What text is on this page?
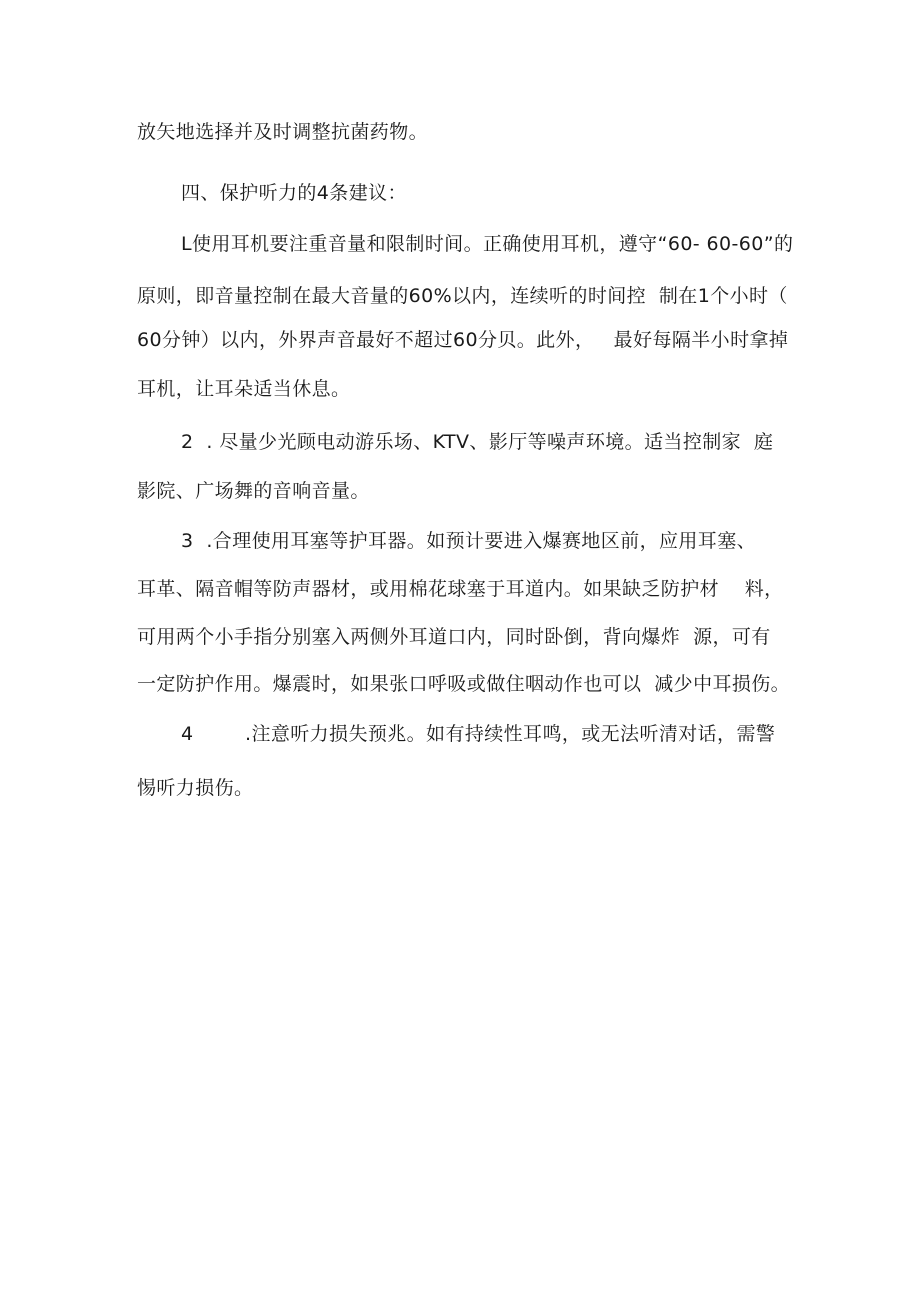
放矢地选择并及时调整抗菌药物。
四、保护听力的4条建议：
L使用耳机要注重音量和限制时间。正确使用耳机，遵守“60- 60-60”的
原则，即音量控制在最大音量的60%以内，连续听的时间控  制在1个小时（
60分钟）以内，外界声音最好不超过60分贝。此外，   最好每隔半小时拿掉
耳机，让耳朵适当休息。
2  . 尽量少光顾电动游乐场、KTV、影厅等噪声环境。适当控制家  庭
影院、广场舞的音响音量。
3  .合理使用耳塞等护耳器。如预计要进入爆赛地区前，应用耳塞、
耳革、隔音帽等防声器材，或用棉花球塞于耳道内。如果缺乏防护材    料，
可用两个小手指分别塞入两侧外耳道口内，同时卧倒，背向爆炸  源，可有
一定防护作用。爆震时，如果张口呼吸或做住咽动作也可以  减少中耳损伤。
4        .注意听力损失预兆。如有持续性耳鸣，或无法听清对话，需警
惕听力损伤。
